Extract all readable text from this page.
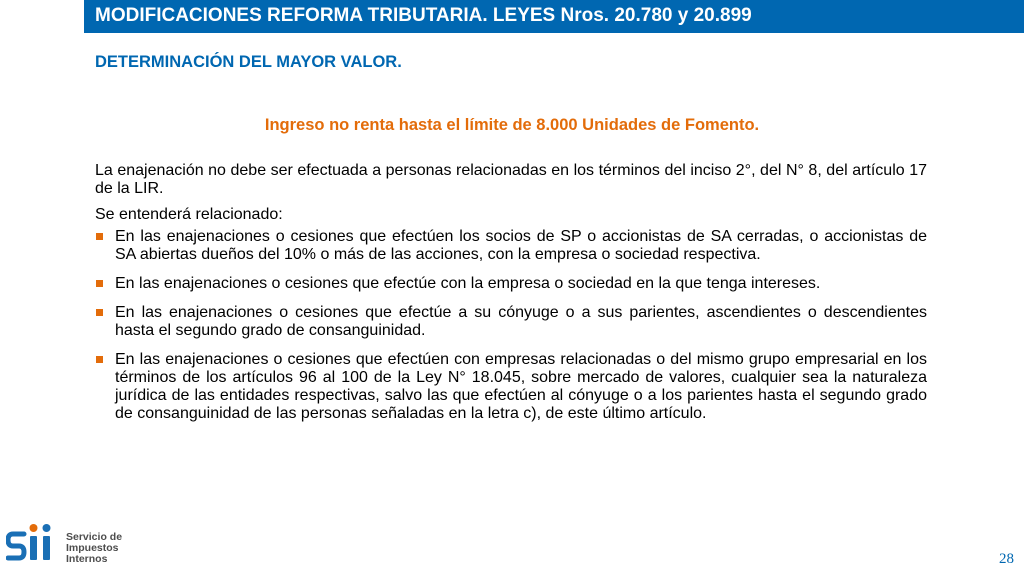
MODIFICACIONES REFORMA TRIBUTARIA. LEYES Nros. 20.780 y 20.899
DETERMINACIÓN DEL MAYOR VALOR.
Ingreso no renta hasta el límite de 8.000 Unidades de Fomento.

La enajenación no debe ser efectuada a personas relacionadas en los términos del inciso 2°, del N° 8, del artículo 17 de la LIR.

Se entenderá relacionado:

En las enajenaciones o cesiones que efectúen los socios de SP o accionistas de SA cerradas, o accionistas de SA abiertas dueños del 10% o más de las acciones, con la empresa o sociedad respectiva.
En las enajenaciones o cesiones que efectúe con la empresa o sociedad en la que tenga intereses.
En las enajenaciones o cesiones que efectúe a su cónyuge o a sus parientes, ascendientes o descendientes hasta el segundo grado de consanguinidad.
En las enajenaciones o cesiones que efectúen con empresas relacionadas o del mismo grupo empresarial en los términos de los artículos 96 al 100 de la Ley N° 18.045, sobre mercado de valores, cualquier sea la naturaleza jurídica de las entidades respectivas, salvo las que efectúen al cónyuge o a los parientes hasta el segundo grado de consanguinidad de las personas señaladas en la letra c), de este último artículo.
Servicio de
Impuestos
Internos	28
